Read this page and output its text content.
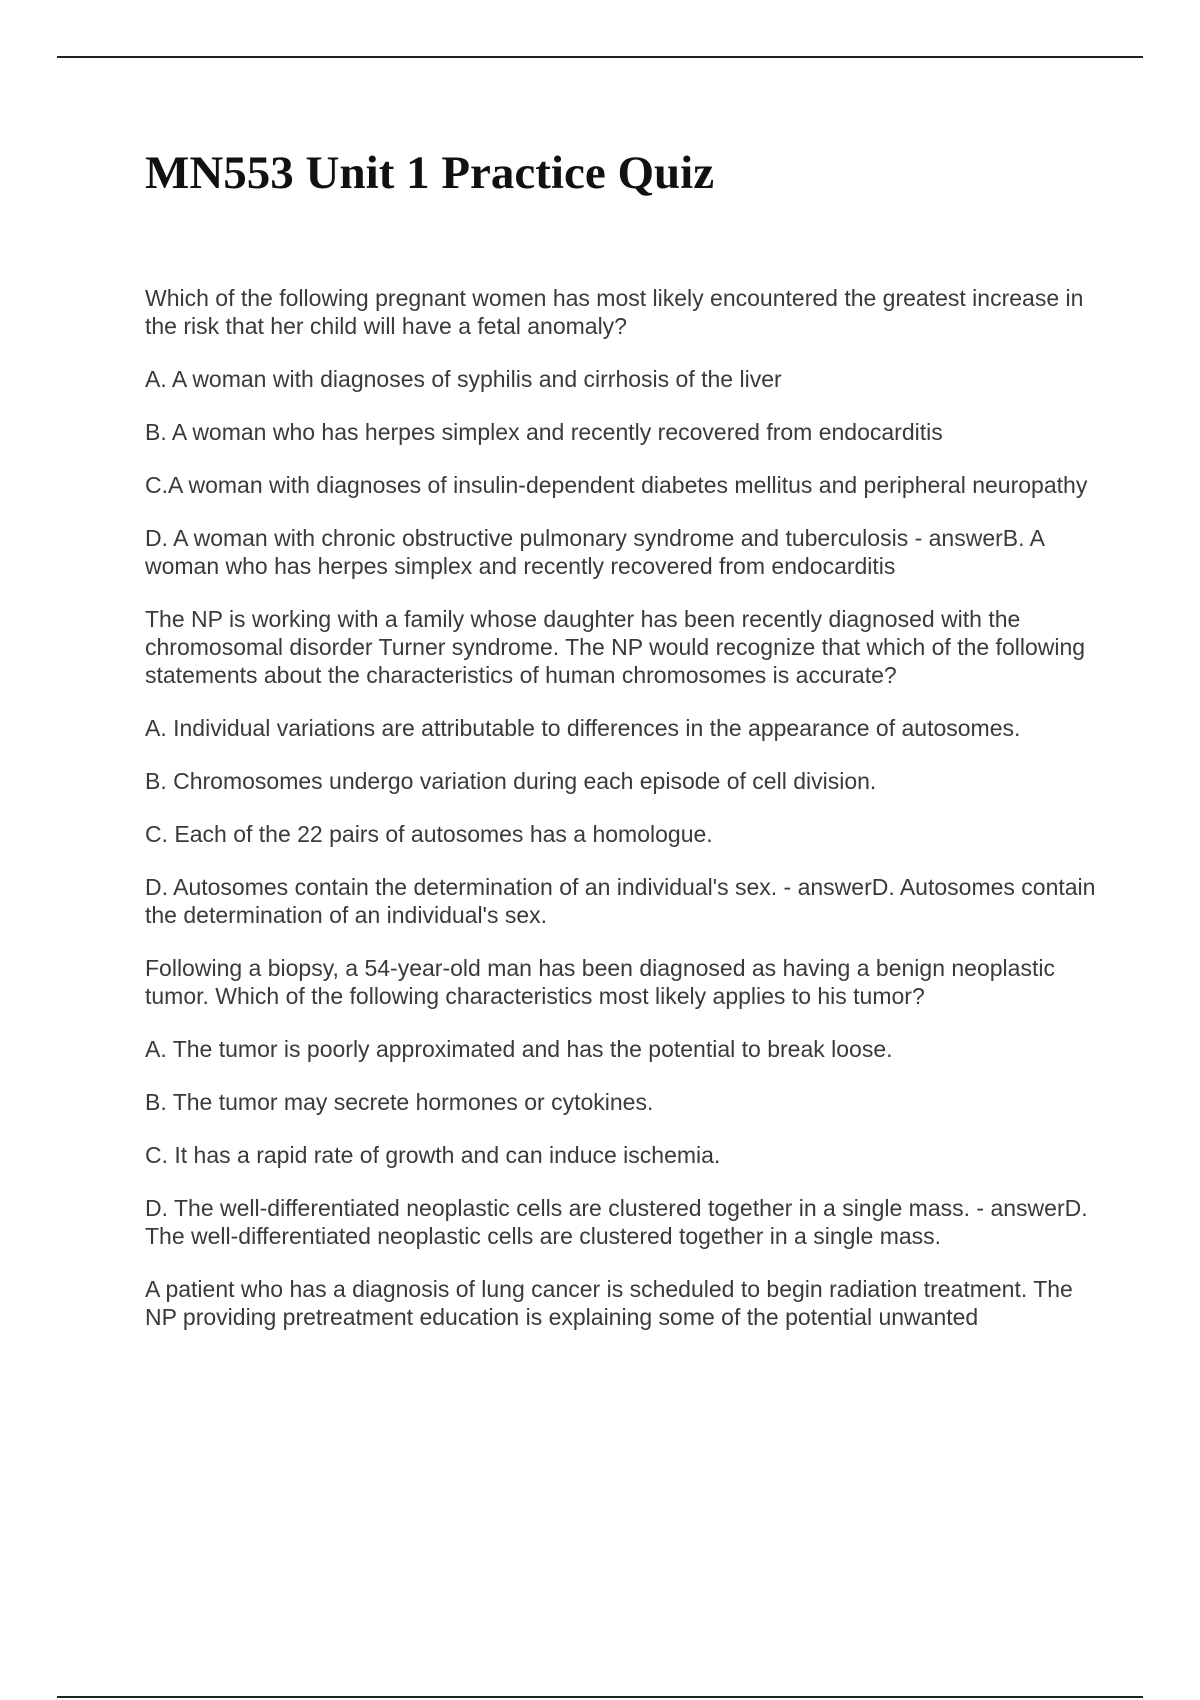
MN553 Unit 1 Practice Quiz

Which of the following pregnant women has most likely encountered the greatest increase in the risk that her child will have a fetal anomaly?

A. A woman with diagnoses of syphilis and cirrhosis of the liver

B. A woman who has herpes simplex and recently recovered from endocarditis

C.A woman with diagnoses of insulin-dependent diabetes mellitus and peripheral neuropathy

D. A woman with chronic obstructive pulmonary syndrome and tuberculosis - answerB. A woman who has herpes simplex and recently recovered from endocarditis

The NP is working with a family whose daughter has been recently diagnosed with the chromosomal disorder Turner syndrome. The NP would recognize that which of the following statements about the characteristics of human chromosomes is accurate?

A. Individual variations are attributable to differences in the appearance of autosomes.

B. Chromosomes undergo variation during each episode of cell division.

C. Each of the 22 pairs of autosomes has a homologue.

D. Autosomes contain the determination of an individual's sex. - answerD. Autosomes contain the determination of an individual's sex.

Following a biopsy, a 54-year-old man has been diagnosed as having a benign neoplastic tumor. Which of the following characteristics most likely applies to his tumor?

A. The tumor is poorly approximated and has the potential to break loose.

B. The tumor may secrete hormones or cytokines.

C. It has a rapid rate of growth and can induce ischemia.

D. The well-differentiated neoplastic cells are clustered together in a single mass. - answerD. The well-differentiated neoplastic cells are clustered together in a single mass.

A patient who has a diagnosis of lung cancer is scheduled to begin radiation treatment. The NP providing pretreatment education is explaining some of the potential unwanted
